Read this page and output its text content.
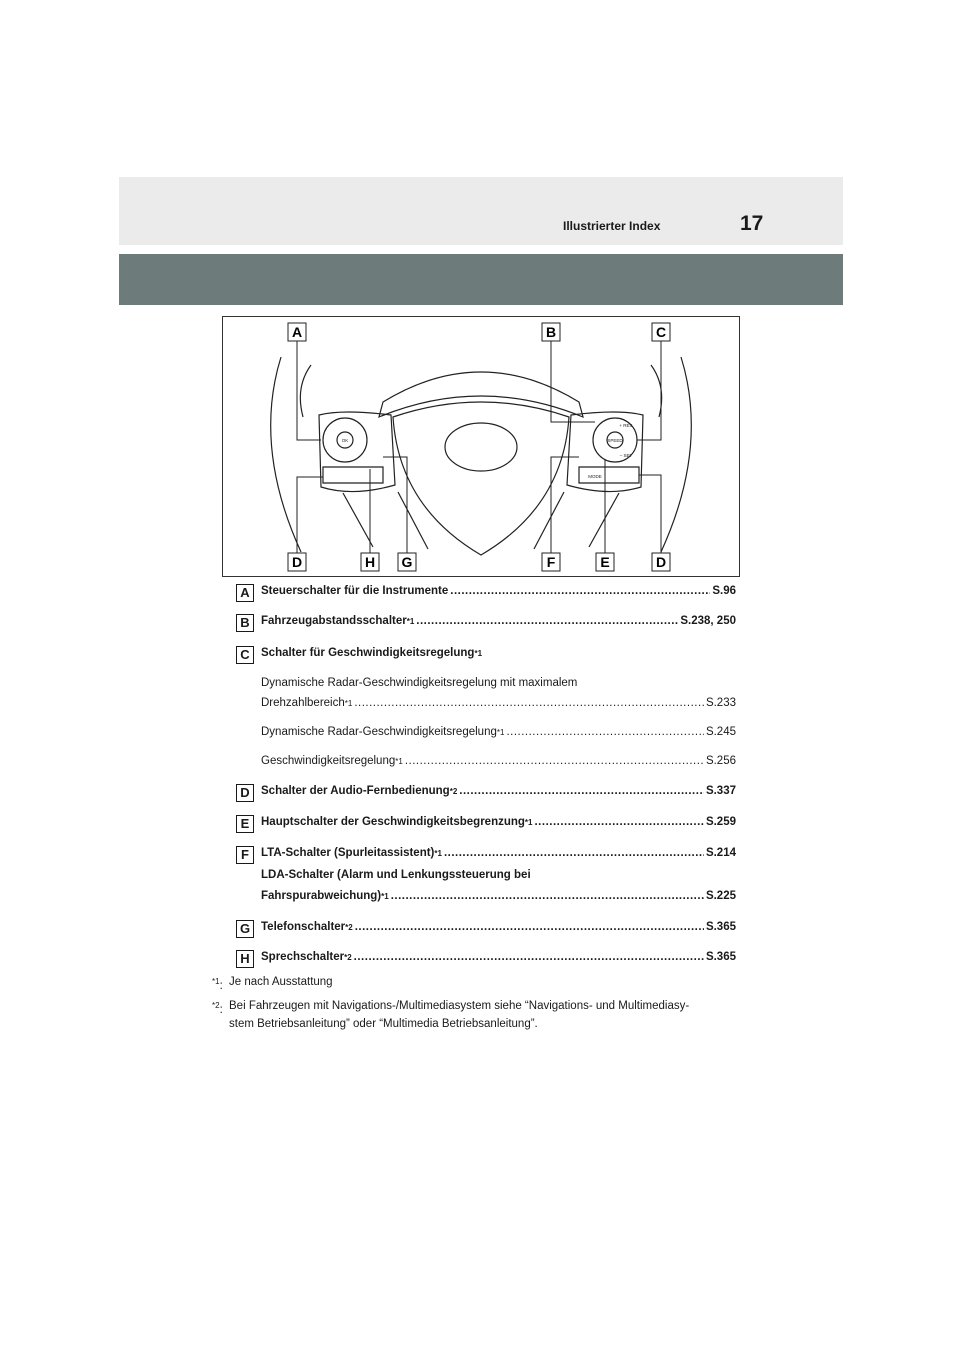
Illustrierter Index	17
OK
+ RES
SPEED
– SET
MODE
A	B	C
D	H G	F	E	D
A Steuerschalter für die Instrumente .....	S.96
B Fahrzeugabstandsschalter *1 .....	S.238, 250
C Schalter für Geschwindigkeitsregelung *1
Dynamische Radar-Geschwindigkeitsregelung mit maximalem
Drehzahlbereich *1 .....	S.233
Dynamische Radar-Geschwindigkeitsregelung *1 .....	S.245
Geschwindigkeitsregelung *1 .....	S.256
D Schalter der Audio-Fernbedienung *2 .....	S.337
E	Hauptschalter der Geschwindigkeitsbegrenzung *1 .....	S.259
F	LTA-Schalter (Spurleitassistent) *1 .....	S.214
LDA-Schalter (Alarm und Lenkungssteuerung bei
Fahrspurabweichung) *1 .....	S.225
G Telefonschalter *2 .....	S.365
H Sprechschalter *2 .....	S.365
$^{*1}$: Je nach Ausstattung
$^{*2}$: Bei Fahrzeugen mit Navigations-/Multimediasystem siehe “Navigations- und Multimediasy-
stem Betriebsanleitung” oder “Multimedia Betriebsanleitung”.
